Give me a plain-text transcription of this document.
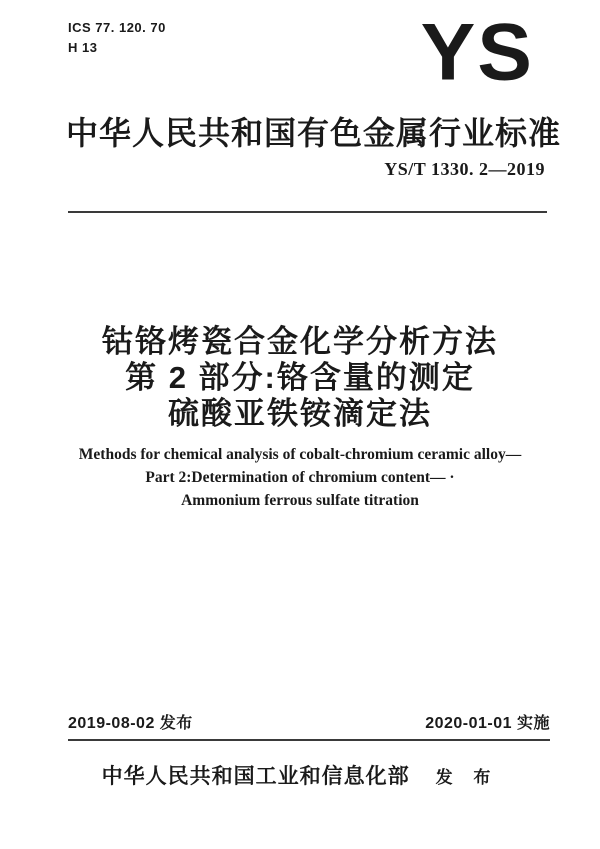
ICS 77. 120. 70
H 13	YS
中华人民共和国有色金属行业标准
YS/T 1330. 2—2019
钴铬烤瓷合金化学分析方法
第 2 部分:铬含量的测定
硫酸亚铁铵滴定法
Methods for chemical analysis of cobalt-chromium ceramic alloy—
Part 2:Determination of chromium content— ·
Ammonium ferrous sulfate titration
2019-08-02 发布	2020-01-01 实施
中华人民共和国工业和信息化部 发 布
